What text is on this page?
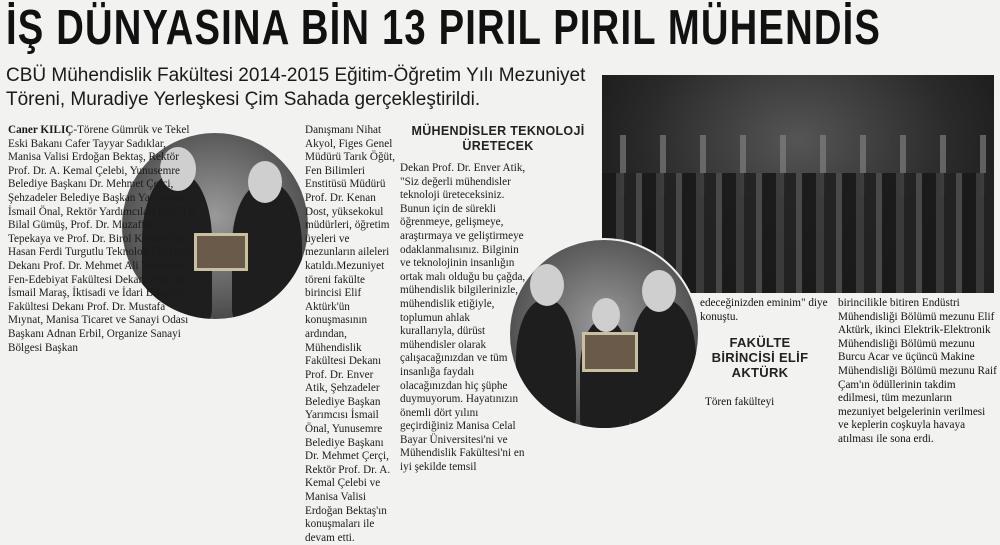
İŞ DÜNYASINA BİN 13 PIRIL PIRIL MÜHENDİS
CBÜ Mühendislik Fakültesi 2014-2015 Eğitim-Öğretim Yılı Mezuniyet Töreni, Muradiye Yerleşkesi Çim Sahada gerçekleştirildi.

Caner KILIÇ-Törene Gümrük ve Tekel Eski Bakanı Cafer Tayyar Sadıklar, Manisa Valisi Erdoğan Bektaş, Rektör Prof. Dr. A. Kemal Çelebi, Yunusemre Belediye Başkanı Dr. Mehmet Çerçi, Şehzadeler Belediye Başkan Yardımcısı İsmail Önal, Rektör Yardımcıları Prof. Dr. Bilal Gümüş, Prof. Dr. Muzaffer Tepekaya ve Prof. Dr. Birol Kovancılar, Hasan Ferdi Turgutlu Teknoloji Fakültesi Dekanı Prof. Dr. Mehmet Ali Yurdusev, Fen-Edebiyat Fakültesi Dekanı Prof. Dr. İsmail Maraş, İktisadi ve İdari Bilimler Fakültesi Dekanı Prof. Dr. Mustafa Mıynat, Manisa Ticaret ve Sanayi Odası Başkanı Adnan Erbil, Organize Sanayi Bölgesi Başkan

Danışmanı Nihat Akyol, Figes Genel Müdürü Tarık Öğüt, Fen Bilimleri Enstitüsü Müdürü Prof. Dr. Kenan Dost, yüksekokul müdürleri, öğretim üyeleri ve mezunların aileleri katıldı.Mezuniyet töreni fakülte birincisi Elif Aktürk'ün konuşmasının ardından, Mühendislik Fakültesi Dekanı Prof. Dr. Enver Atik, Şehzadeler Belediye Başkan Yarımcısı İsmail Önal, Yunusemre Belediye Başkanı Dr. Mehmet Çerçi, Rektör Prof. Dr. A. Kemal Çelebi ve Manisa Valisi Erdoğan Bektaş'ın konuşmaları ile devam etti.

MÜHENDİSLER TEKNOLOJİ ÜRETECEK

Dekan Prof. Dr. Enver Atik, "Siz değerli mühendisler teknoloji üreteceksiniz. Bunun için de sürekli öğrenmeye, gelişmeye, araştırmaya ve geliştirmeye odaklanmalısınız. Bilginin ve teknolojinin insanlığın ortak malı olduğu bu çağda, mühendislik bilgilerinizle, mühendislik etiğiyle, toplumun ahlak kurallarıyla, dürüst mühendisler olarak çalışacağınızdan ve tüm insanlığa faydalı olacağınızdan hiç şüphe duymuyorum. Hayatınızın önemli dört yılını geçirdiğiniz Manisa Celal Bayar Üniversitesi'ni ve Mühendislik Fakültesi'ni en iyi şekilde temsil

edeceğinizden eminim" diye konuştu.
FAKÜLTE BİRİNCİSİ ELİF AKTÜRK
Tören fakülteyi
birincilikle bitiren Endüstri Mühendisliği Bölümü mezunu Elif Aktürk, ikinci Elektrik-Elektronik Mühendisliği Bölümü mezunu Burcu Acar ve üçüncü Makine Mühendisliği Bölümü mezunu Raif Çam'ın ödüllerinin takdim edilmesi, tüm mezunların mezuniyet belgelerinin verilmesi ve keplerin coşkuyla havaya atılması ile sona erdi.
